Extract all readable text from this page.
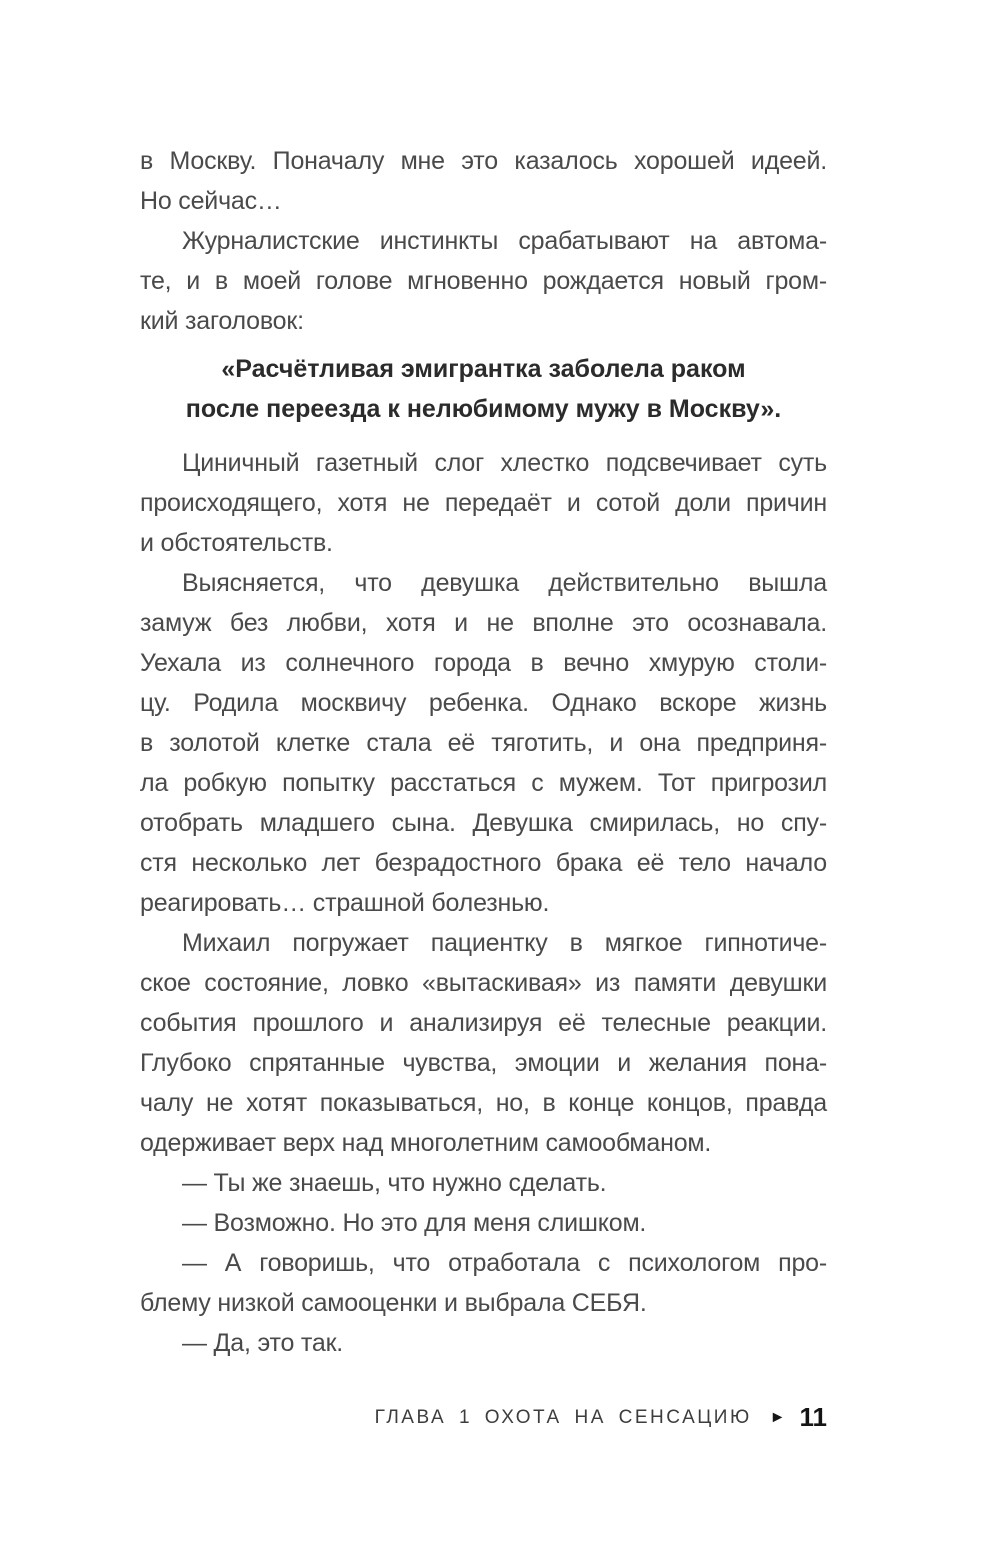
в Москву. Поначалу мне это казалось хорошей идеей.
Но сейчас…
Журналистские инстинкты срабатывают на автома-
те, и в моей голове мгновенно рождается новый гром-
кий заголовок:
«Расчётливая эмигрантка заболела раком
после переезда к нелюбимому мужу в Москву».
Циничный газетный слог хлестко подсвечивает суть
происходящего, хотя не передаёт и сотой доли причин
и обстоятельств.
Выясняется, что девушка действительно вышла
замуж без любви, хотя и не вполне это осознавала.
Уехала из солнечного города в вечно хмурую столи-
цу. Родила москвичу ребенка. Однако вскоре жизнь
в золотой клетке стала её тяготить, и она предприня-
ла робкую попытку расстаться с мужем. Тот пригрозил
отобрать младшего сына. Девушка смирилась, но спу-
стя несколько лет безрадостного брака её тело начало
реагировать… страшной болезнью.
Михаил погружает пациентку в мягкое гипнотиче-
ское состояние, ловко «вытаскивая» из памяти девушки
события прошлого и анализируя её телесные реакции.
Глубоко спрятанные чувства, эмоции и желания пона-
чалу не хотят показываться, но, в конце концов, правда
одерживает верх над многолетним самообманом.
— Ты же знаешь, что нужно сделать.
— Возможно. Но это для меня слишком.
— А говоришь, что отработала с психологом про-
блему низкой самооценки и выбрала СЕБЯ.
— Да, это так.
ГЛАВА 1 ОХОТА НА СЕНСАЦИЮ ► 11
